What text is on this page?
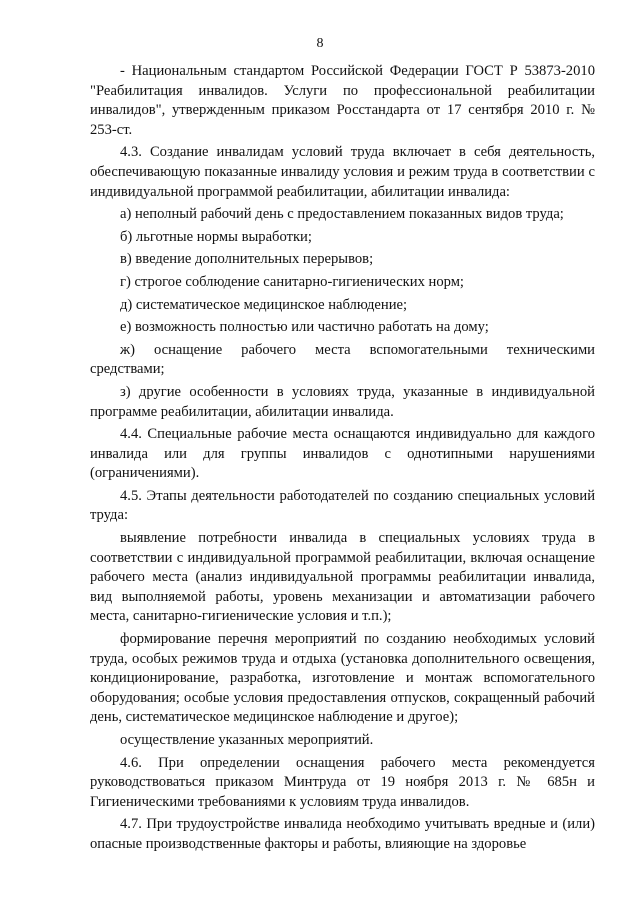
8

- Национальным стандартом Российской Федерации ГОСТ Р 53873-2010 "Реабилитация инвалидов. Услуги по профессиональной реабилитации инвалидов", утвержденным приказом Росстандарта от 17 сентября 2010 г. № 253-ст.

4.3. Создание инвалидам условий труда включает в себя деятельность, обеспечивающую показанные инвалиду условия и режим труда в соответствии с индивидуальной программой реабилитации, абилитации инвалида:

а) неполный рабочий день с предоставлением показанных видов труда;

б) льготные нормы выработки;

в) введение дополнительных перерывов;

г) строгое соблюдение санитарно-гигиенических норм;

д) систематическое медицинское наблюдение;

е) возможность полностью или частично работать на дому;

ж) оснащение рабочего места вспомогательными техническими средствами;

з) другие особенности в условиях труда, указанные в индивидуальной программе реабилитации, абилитации инвалида.

4.4. Специальные рабочие места оснащаются индивидуально для каждого инвалида или для группы инвалидов с однотипными нарушениями (ограничениями).

4.5. Этапы деятельности работодателей по созданию специальных условий труда:

выявление потребности инвалида в специальных условиях труда в соответствии с индивидуальной программой реабилитации, включая оснащение рабочего места (анализ индивидуальной программы реабилитации инвалида, вид выполняемой работы, уровень механизации и автоматизации рабочего места, санитарно-гигиенические условия и т.п.);

формирование перечня мероприятий по созданию необходимых условий труда, особых режимов труда и отдыха (установка дополнительного освещения, кондиционирование, разработка, изготовление и монтаж вспомогательного оборудования; особые условия предоставления отпусков, сокращенный рабочий день, систематическое медицинское наблюдение и другое);

осуществление указанных мероприятий.

4.6. При определении оснащения рабочего места рекомендуется руководствоваться приказом Минтруда от 19 ноября 2013 г. № 685н и Гигиеническими требованиями к условиям труда инвалидов.

4.7. При трудоустройстве инвалида необходимо учитывать вредные и (или) опасные производственные факторы и работы, влияющие на здоровье
